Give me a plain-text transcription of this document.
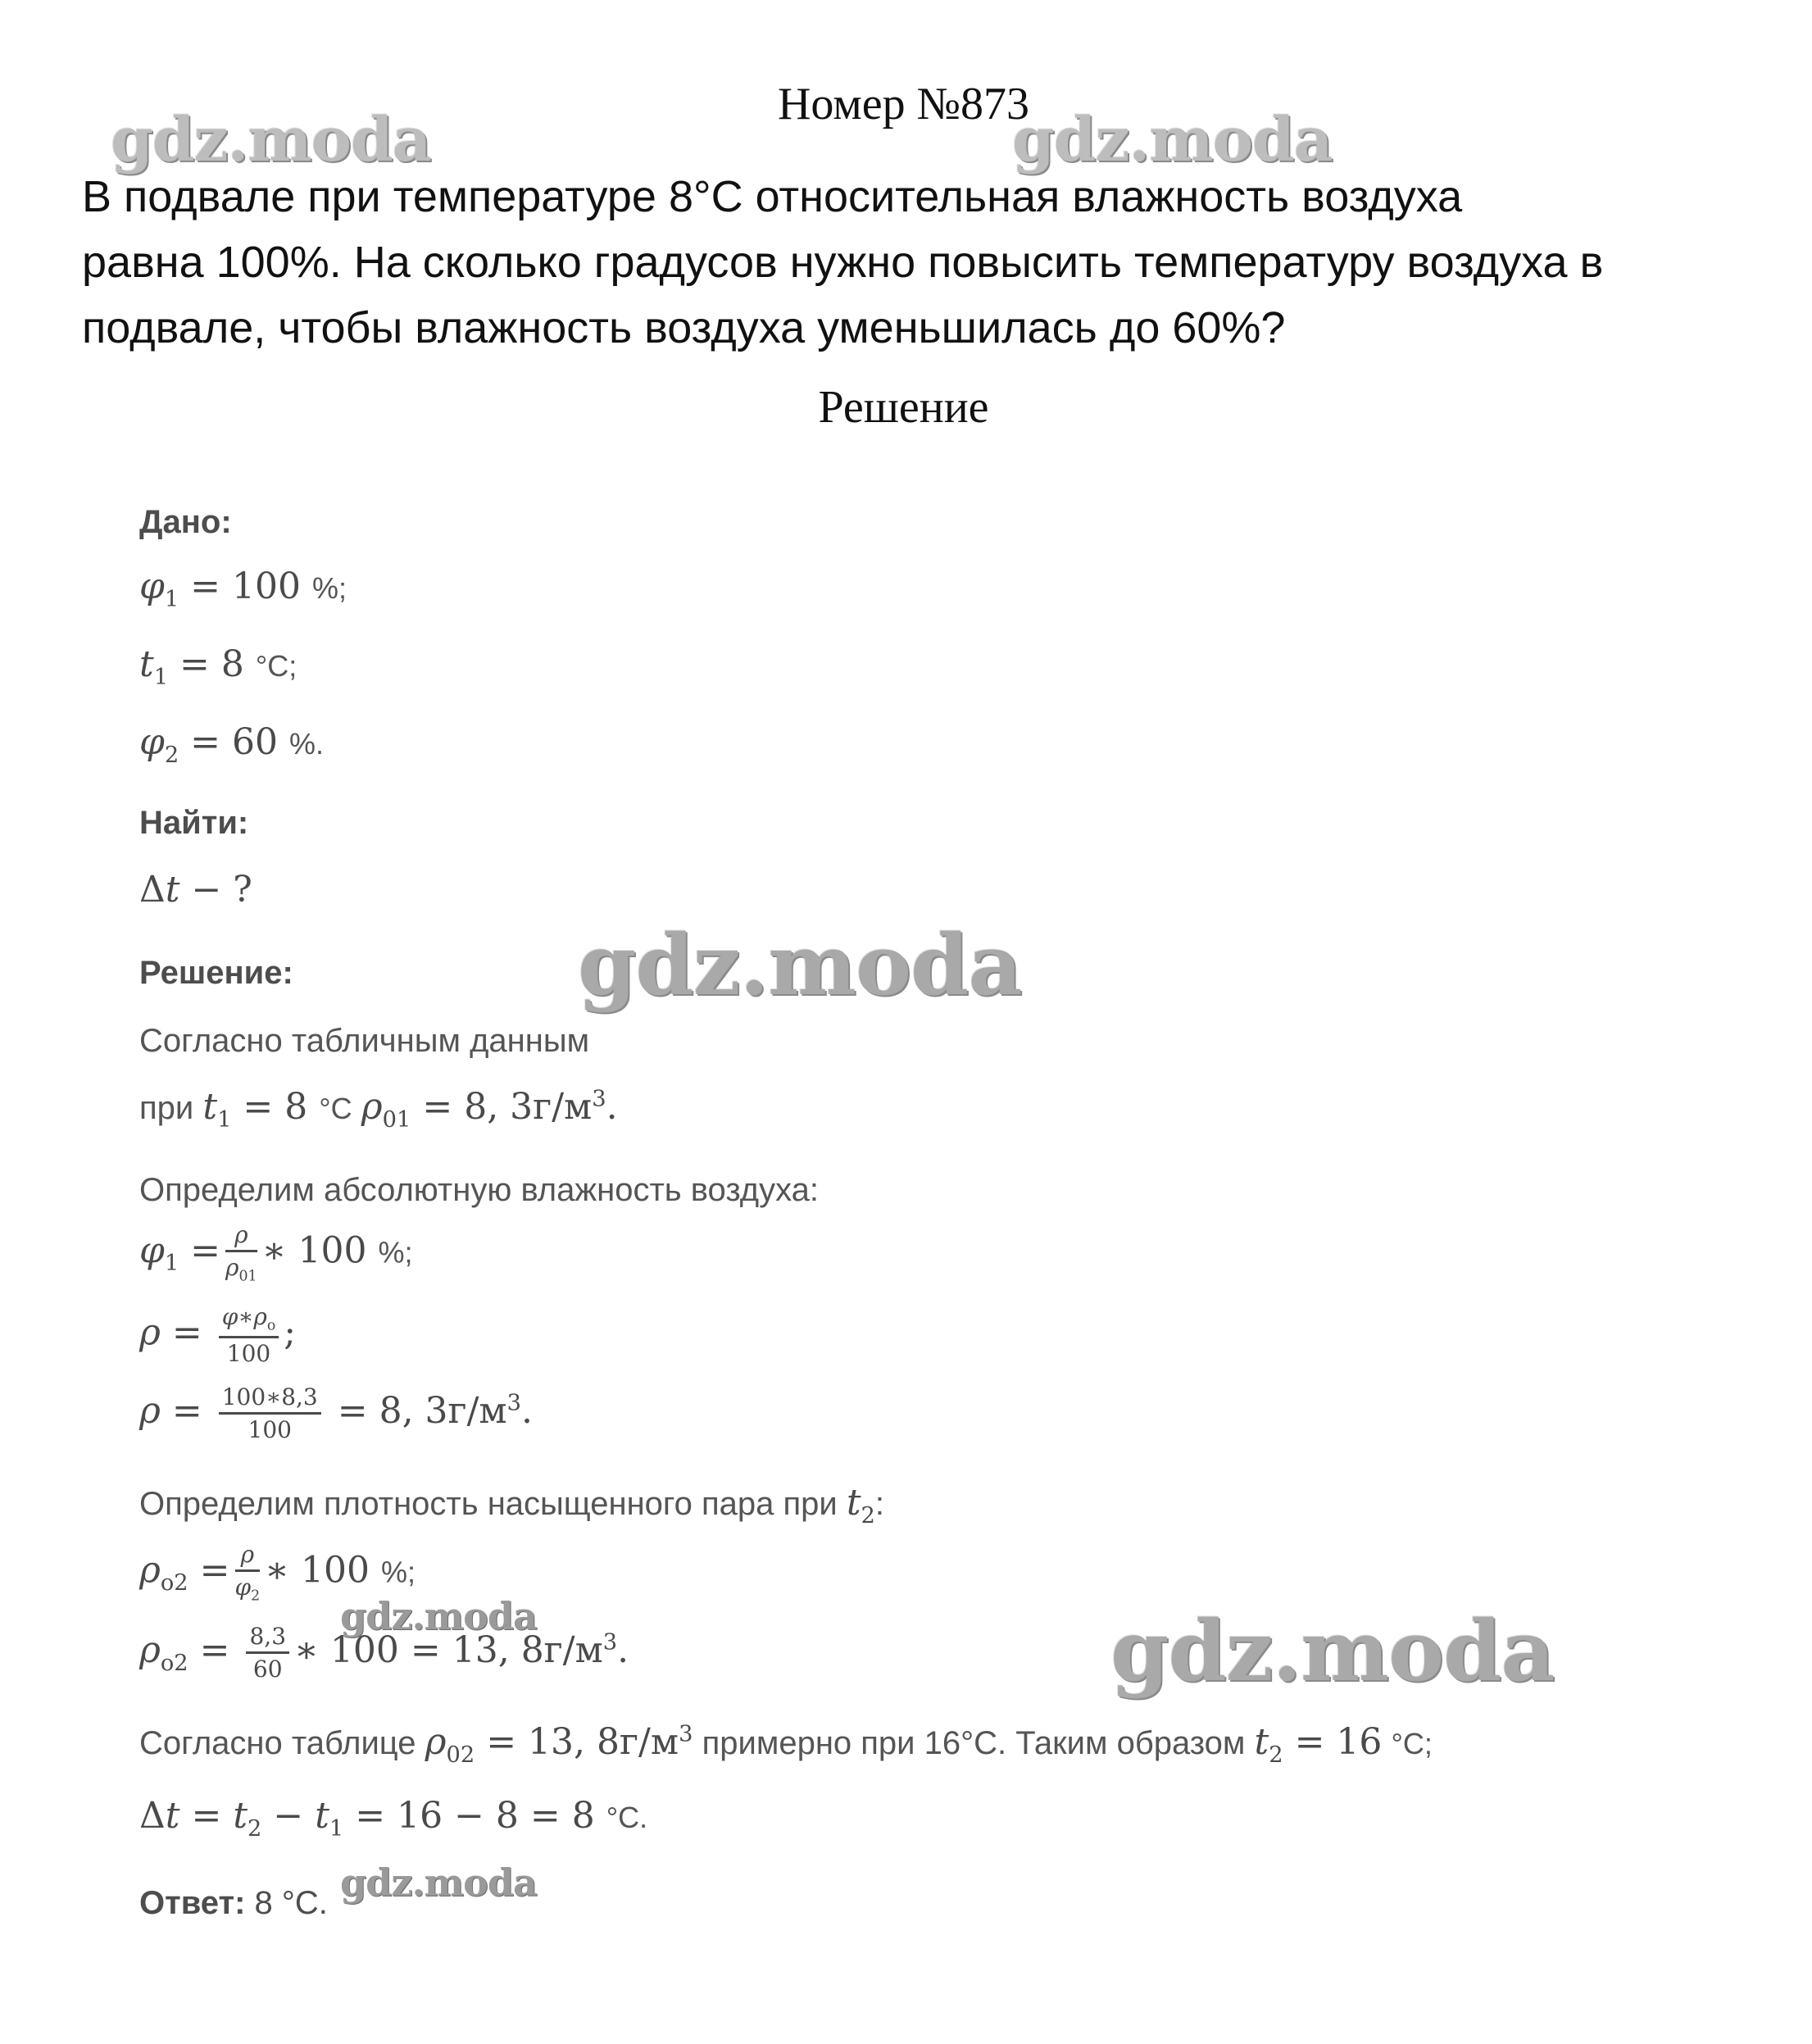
gdz.moda	gdz.moda
Номер №873

В подвале при температуре 8°С относительная влажность воздуха
равна 100%. На сколько градусов нужно повысить температуру воздуха в
подвале, чтобы влажность воздуха уменьшилась до 60%?

Решение
Дано:
$\varphi_1 = 100$ %;
$t_1 = 8$ °C;
$\varphi_2 = 60$ %.
Найти:
Δt − ?
Решение:	gdz.moda
Согласно табличным данным
при $t_1 = 8$ °C $\rho_{01} = 8$, $3г/м^3$.
Определим абсолютную влажность воздуха:
$\varphi_1 = \frac{\rho}{\rho_{01}}$ ∗ 100 %;
$\rho = \frac{\varphi∗\rho_o}{100}$ ;
$\rho = \frac{100∗8,3}{100} = 8$, $3г/м^3$.
Определим плотность насыщенного пара при $t_2$:
$\rho_{o2} = \frac{\rho}{\varphi_2}$ ∗ 100 %;
gdz.moda
$\rho_{o2} = \frac{8,3}{60}$ ∗ 100 = 13, $8г/м^3$.	gdz.moda
Согласно таблице $\rho_{02} = 13$, $8г/м^3$ примерно при 16°C. Таким образом $t_2 = 16$ °C;
$\Delta t = t_2 - t_1 = 16 - 8 = 8$ °C.
Ответ: 8 °C. gdz.moda
